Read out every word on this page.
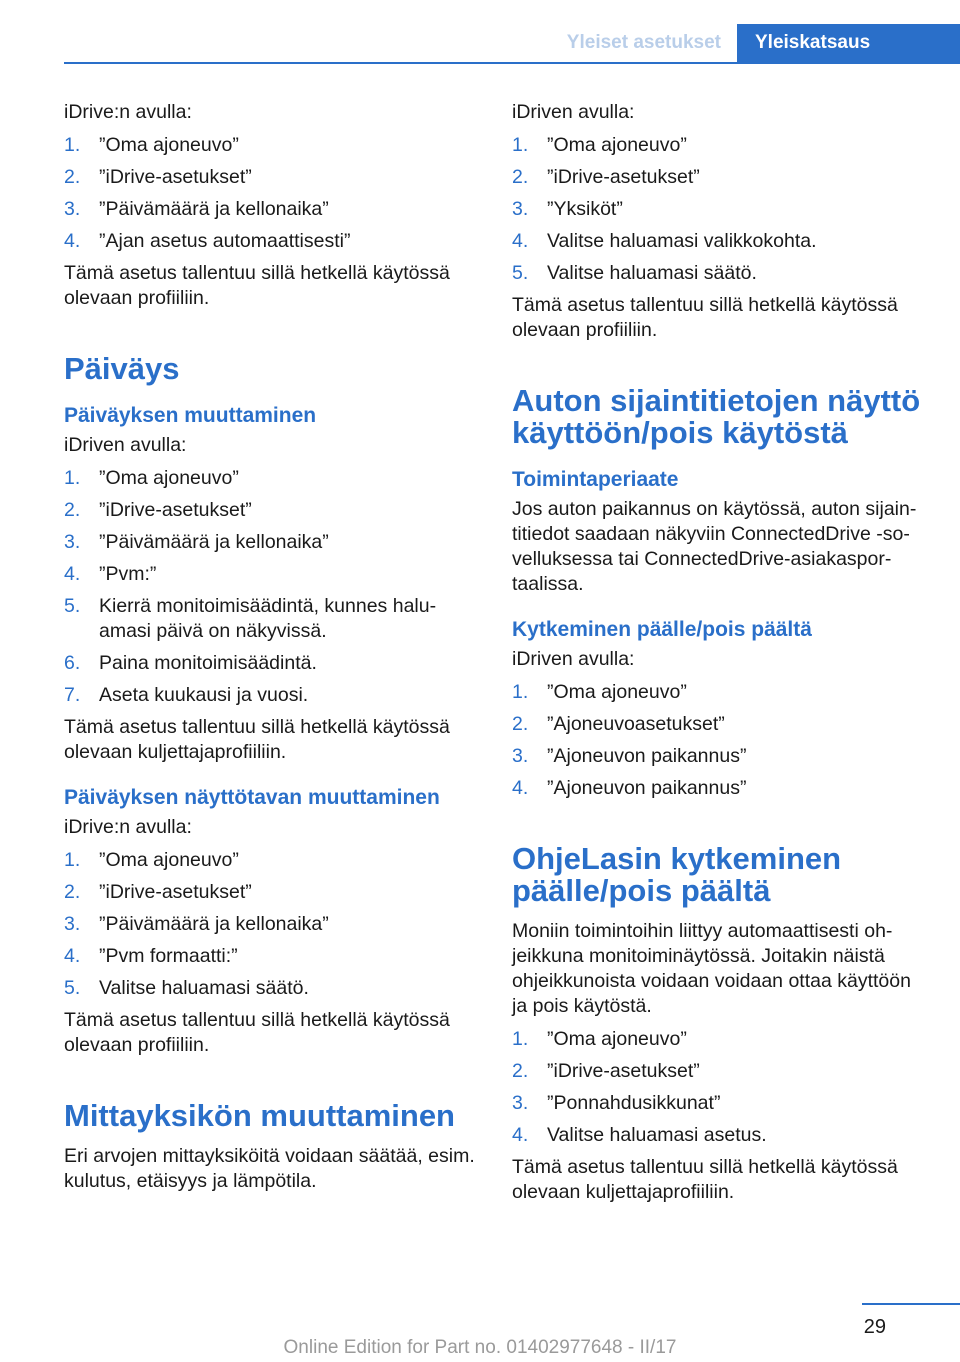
Yleiset asetukset	Yleiskatsaus

iDrive:n avulla:

1. ”Oma ajoneuvo”
2. ”iDrive-asetukset”
3. ”Päivämäärä ja kellonaika”
4. ”Ajan asetus automaattisesti”

Tämä asetus tallentuu sillä hetkellä käytössä olevaan profiiliin.

Päiväys
Päiväyksen muuttaminen

iDriven avulla:

1. ”Oma ajoneuvo”
2. ”iDrive-asetukset”
3. ”Päivämäärä ja kellonaika”
4. ”Pvm:”
5. Kierrä monitoimisäädintä, kunnes haluamasi päivä on näkyvissä.
6. Paina monitoimisäädintä.
7. Aseta kuukausi ja vuosi.

Tämä asetus tallentuu sillä hetkellä käytössä olevaan kuljettajaprofiiliin.

Päiväyksen näyttötavan muuttaminen

iDrive:n avulla:

1. ”Oma ajoneuvo”
2. ”iDrive-asetukset”
3. ”Päivämäärä ja kellonaika”
4. ”Pvm formaatti:”
5. Valitse haluamasi säätö.

Tämä asetus tallentuu sillä hetkellä käytössä olevaan profiiliin.

Mittayksikön muuttaminen

Eri arvojen mittayksiköitä voidaan säätää, esim. kulutus, etäisyys ja lämpötila.

iDriven avulla:

1. ”Oma ajoneuvo”
2. ”iDrive-asetukset”
3. ”Yksiköt”
4. Valitse haluamasi valikkokohta.
5. Valitse haluamasi säätö.

Tämä asetus tallentuu sillä hetkellä käytössä olevaan profiiliin.

Auton sijaintitietojen näyttö käyttöön/pois käytöstä
Toimintaperiaate

Jos auton paikannus on käytössä, auton sijaintitiedot saadaan näkyviin ConnectedDrive -sovelluksessa tai ConnectedDrive-asiakasportaalissa.

Kytkeminen päälle/pois päältä

iDriven avulla:

1. ”Oma ajoneuvo”
2. ”Ajoneuvoasetukset”
3. ”Ajoneuvon paikannus”
4. ”Ajoneuvon paikannus”
OhjeLasin kytkeminen päälle/pois päältä

Moniin toimintoihin liittyy automaattisesti ohjeikkuna monitoiminäytössä. Joitakin näistä ohjeikkunoista voidaan voidaan ottaa käyttöön ja pois käytöstä.

1. ”Oma ajoneuvo”
2. ”iDrive-asetukset”
3. ”Ponnahdusikkunat”
4. Valitse haluamasi asetus.

Tämä asetus tallentuu sillä hetkellä käytössä olevaan kuljettajaprofiiliin.

29
Online Edition for Part no. 01402977648 - II/17
